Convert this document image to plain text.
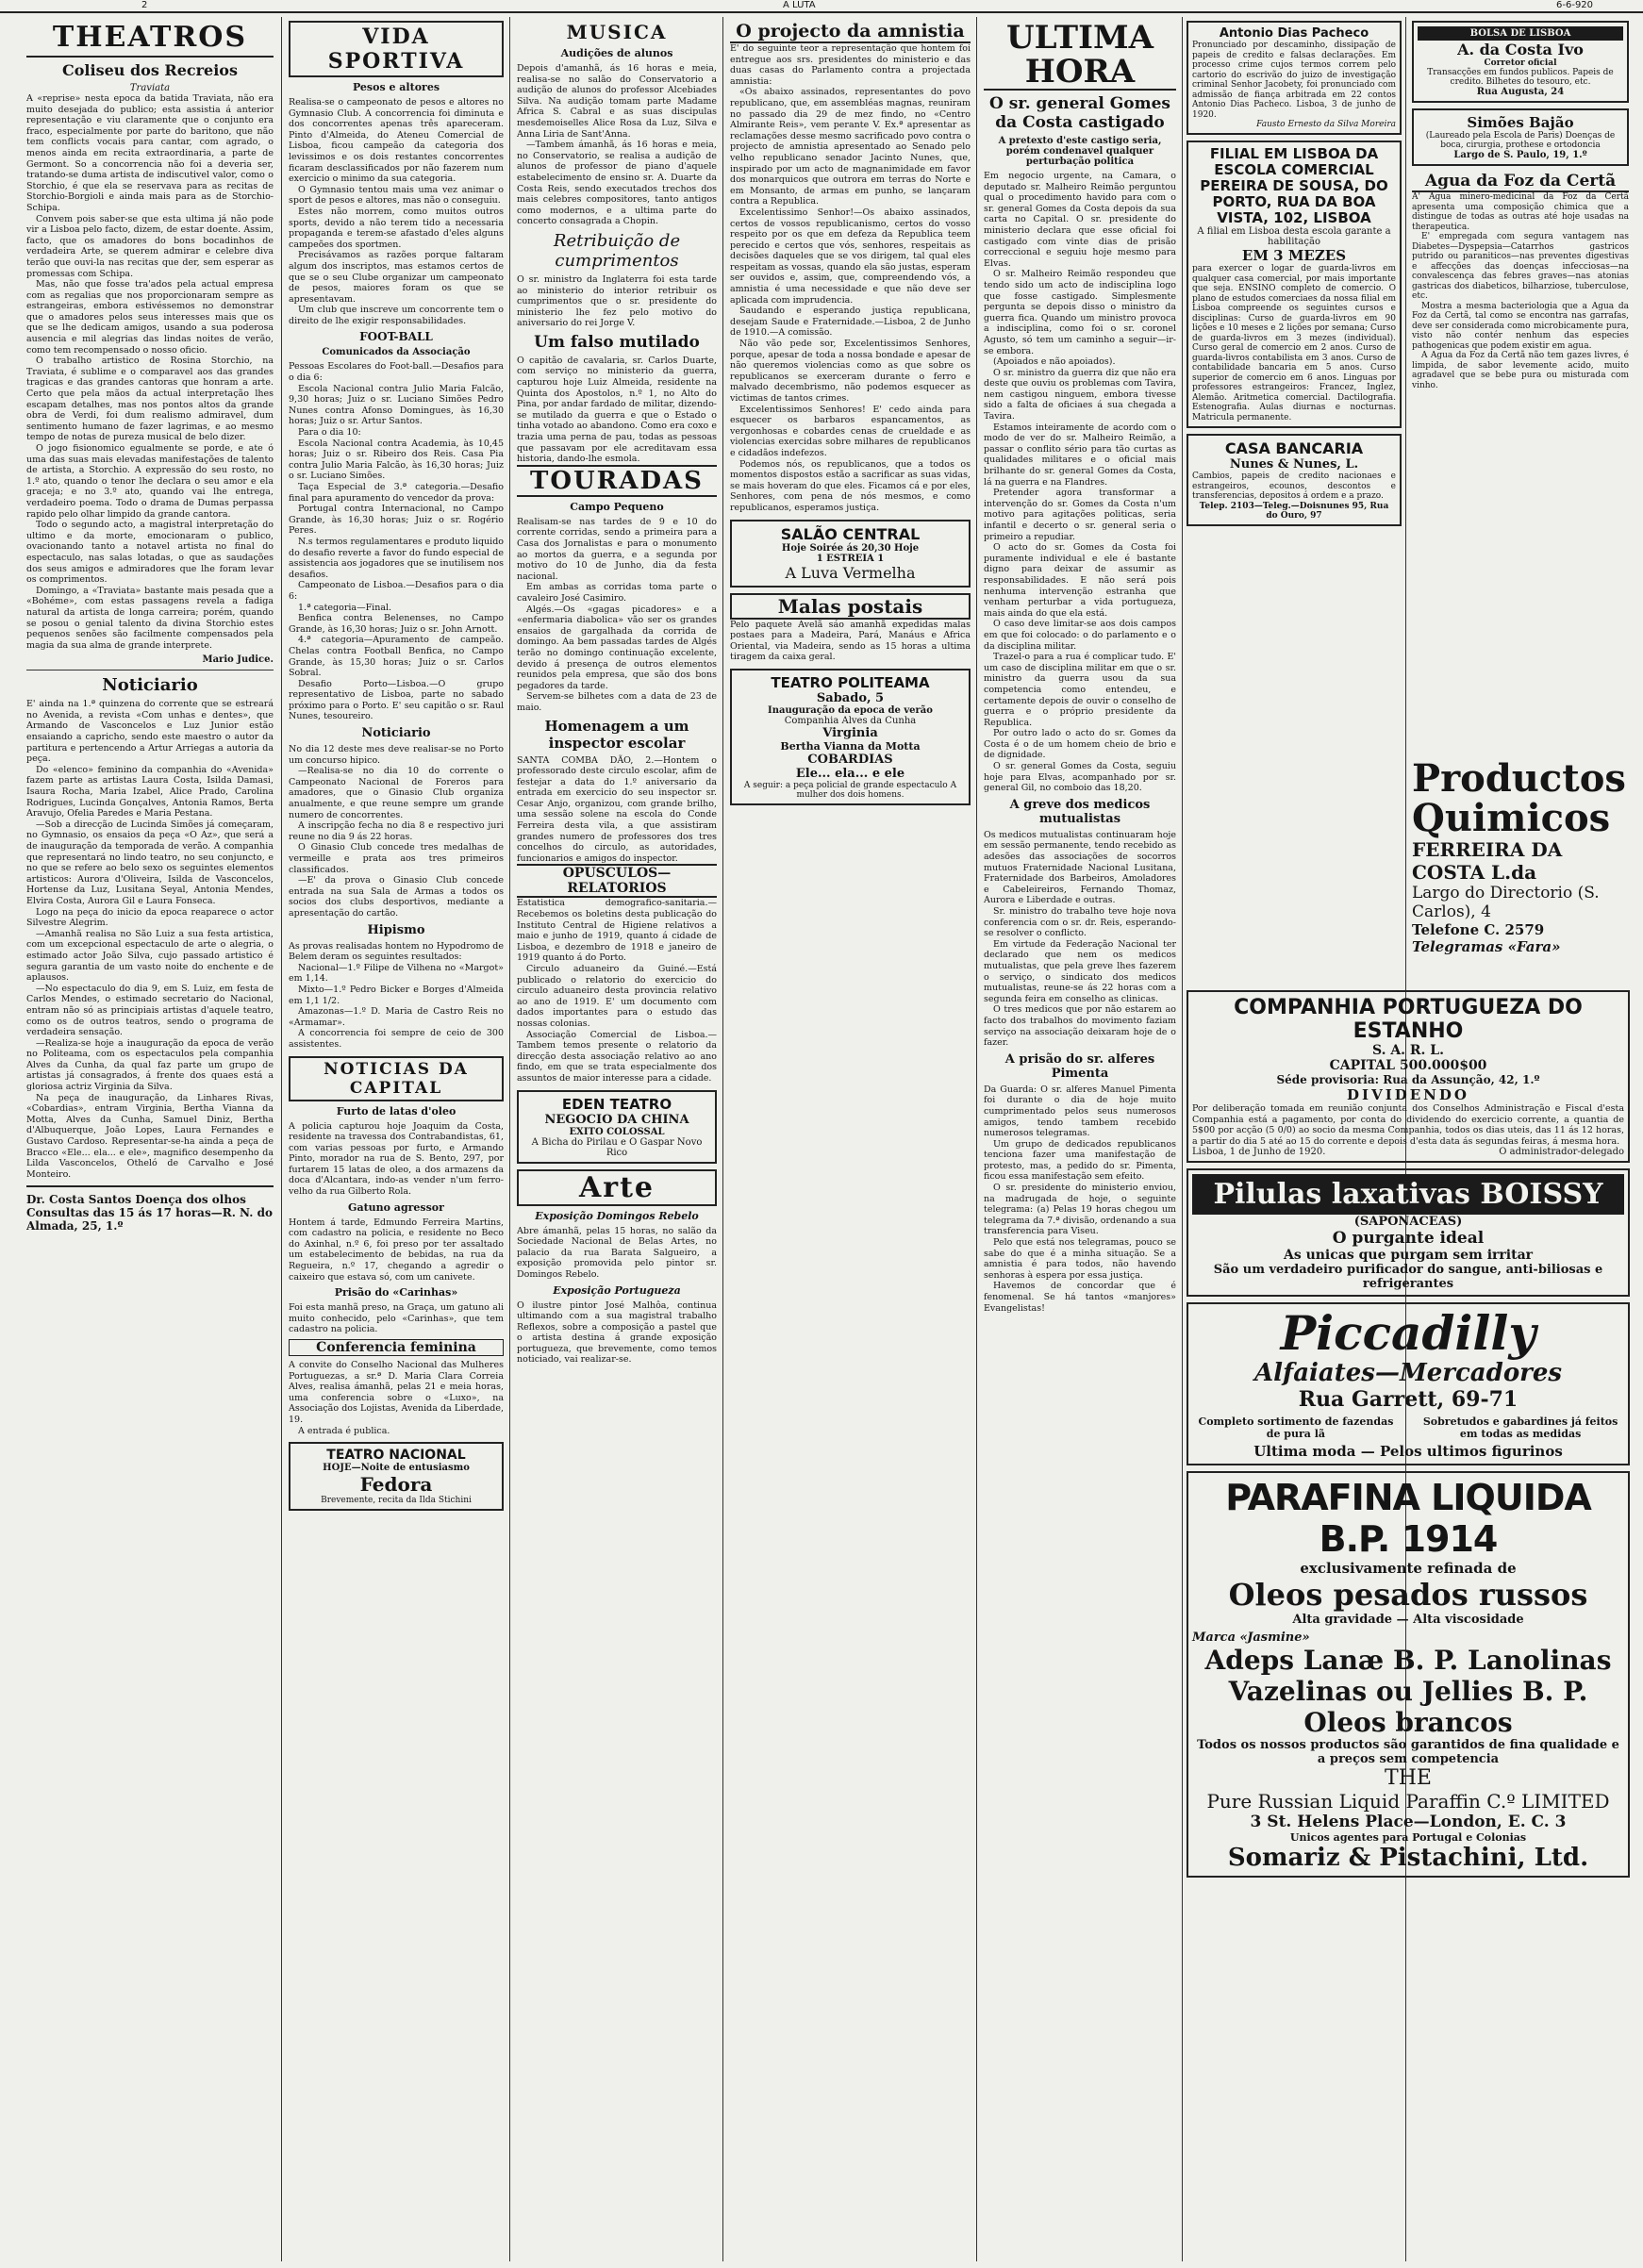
2	A LUTA	6-6-920
THEATROS
Coliseu dos Recreios
Traviata

A «reprise» nesta epoca da batida Traviata, não era muito desejada do publico; esta assistia á anterior representação e viu claramente que o conjunto era fraco, especialmente por parte do baritono, que não tem conflicts vocais para cantar, com agrado, o menos ainda em recita extraordinaria, a parte de Germont. So a concorrencia não foi a deveria ser, tratando-se duma artista de indiscutivel valor, como o Storchio, é que ela se reservava para as recitas de Storchio-Borgioli e ainda mais para as de Storchio-Schipa.

Convem pois saber-se que esta ultima já não pode vir a Lisboa pelo facto, dizem, de estar doente. Assim, facto, que os amadores do bons bocadinhos de verdadeira Arte, se querem admirar e celebre diva terão que ouvi-la nas recitas que der, sem esperar as promessas com Schipa.

Mas, não que fosse tra'ados pela actual empresa com as regalias que nos proporcionaram sempre as estrangeiras, embora estivéssemos no demonstrar que o amadores pelos seus interesses mais que os que se lhe dedicam amigos, usando a sua poderosa ausencia e mil alegrias das lindas noites de verão, como tem recompensado o nosso oficio.

O trabalho artistico de Rosina Storchio, na Traviata, é sublime e o comparavel aos das grandes tragicas e das grandes cantoras que honram a arte. Certo que pela mãos da actual interpretação lhes escapam detalhes, mas nos pontos altos da grande obra de Verdi, foi dum realismo admiravel, dum sentimento humano de fazer lagrimas, e ao mesmo tempo de notas de pureza musical de belo dizer.

O jogo fisionomico egualmente se porde, e ate ó uma das suas mais elevadas manifestações de talento de artista, a Storchio. A expressão do seu rosto, no 1.º ato, quando o tenor lhe declara o seu amor e ela graceja; e no 3.º ato, quando vai lhe entrega, verdadeiro poema. Todo o drama de Dumas perpassa rapido pelo olhar limpido da grande cantora.

Todo o segundo acto, a magistral interpretação do ultimo e da morte, emocionaram o publico, ovacionando tanto a notavel artista no final do espectaculo, nas salas lotadas, o que as saudações dos seus amigos e admiradores que lhe foram levar os comprimentos.

Domingo, a «Traviata» bastante mais pesada que a «Bohéme», com estas passagens revela a fadiga natural da artista de longa carreira; porém, quando se posou o genial talento da divina Storchio estes pequenos senões são facilmente compensados pela magia da sua alma de grande interprete.

Mario Judice.
Noticiario

E' ainda na 1.ª quinzena do corrente que se estreará no Avenida, a revista «Com unhas e dentes», que Armando de Vasconcelos e Luz Junior estão ensaiando a capricho, sendo este maestro o autor da partitura e pertencendo a Artur Arriegas a autoria da peça.

Do «elenco» feminino da companhia do «Avenida» fazem parte as artistas Laura Costa, Isilda Damasi, Isaura Rocha, Maria Izabel, Alice Prado, Carolina Rodrigues, Lucinda Gonçalves, Antonia Ramos, Berta Aravujo, Ofelia Paredes e Maria Pestana.

—Sob a direcção de Lucinda Simões já começaram, no Gymnasio, os ensaios da peça «O Az», que será a de inauguração da temporada de verão. A companhia que representará no lindo teatro, no seu conjuncto, e no que se refere ao belo sexo os seguintes elementos artisticos: Aurora d'Oliveira, Isilda de Vasconcelos, Hortense da Luz, Lusitana Seyal, Antonia Mendes, Elvira Costa, Aurora Gil e Laura Fonseca.

Logo na peça do inicio da epoca reaparece o actor Silvestre Alegrim.

—Amanhã realisa no São Luiz a sua festa artistica, com um excepcional espectaculo de arte o alegria, o estimado actor João Silva, cujo passado artistico é segura garantia de um vasto noite do enchente e de aplausos.

—No espectaculo do dia 9, em S. Luiz, em festa de Carlos Mendes, o estimado secretario do Nacional, entram não só as principiais artistas d'aquele teatro, como os de outros teatros, sendo o programa de verdadeira sensação.

—Realiza-se hoje a inauguração da epoca de verão no Politeama, com os espectaculos pela companhia Alves da Cunha, da qual faz parte um grupo de artistas já consagrados, á frente dos quaes está a gloriosa actriz Virginia da Silva.

Na peça de inauguração, da Linhares Rivas, «Cobardias», entram Virginia, Bertha Vianna da Motta, Alves da Cunha, Samuel Diniz, Bertha d'Albuquerque, João Lopes, Laura Fernandes e Gustavo Cardoso. Representar-se-ha ainda a peça de Bracco «Ele... ela... e ele», magnifico desempenho da Lilda Vasconcelos, Otheló de Carvalho e José Monteiro.

Dr. Costa Santos Doença dos olhos Consultas das 15 ás 17 horas—R. N. do Almada, 25, 1.º
VIDA SPORTIVA
Pesos e altores

Realisa-se o campeonato de pesos e altores no Gymnasio Club. A concorrencia foi diminuta e dos concorrentes apenas três apareceram. Pinto d'Almeida, do Ateneu Comercial de Lisboa, ficou campeão da categoria dos levissimos e os dois restantes concorrentes ficaram desclassificados por não fazerem num exercicio o minimo da sua categoria.

O Gymnasio tentou mais uma vez animar o sport de pesos e altores, mas não o conseguiu.

Estes não morrem, como muitos outros sports, devido a não terem tido a necessaria propaganda e terem-se afastado d'eles alguns campeões dos sportmen.

Precisávamos as razões porque faltaram algum dos inscriptos, mas estamos certos de que se o seu Clube organizar um campeonato de pesos, maiores foram os que se apresentavam.

Um club que inscreve um concorrente tem o direito de lhe exigir responsabilidades.

FOOT-BALL
Comunicados da Associação

Pessoas Escolares do Foot-ball.—Desafios para o dia 6:

Escola Nacional contra Julio Maria Falcão, 9,30 horas; Juiz o sr. Luciano Simões Pedro Nunes contra Afonso Domingues, às 16,30 horas; Juiz o sr. Artur Santos.

Para o dia 10:

Escola Nacional contra Academia, às 10,45 horas; Juiz o sr. Ribeiro dos Reis. Casa Pia contra Julio Maria Falcão, às 16,30 horas; Juiz o sr. Luciano Simões.

Taça Especial de 3.ª categoria.—Desafio final para apuramento do vencedor da prova:

Portugal contra Internacional, no Campo Grande, às 16,30 horas; Juiz o sr. Rogério Peres.

N.s termos regulamentares e produto liquido do desafio reverte a favor do fundo especial de assistencia aos jogadores que se inutilisem nos desafios.

Campeonato de Lisboa.—Desafios para o dia 6:

1.ª categoria—Final.

Benfica contra Belenenses, no Campo Grande, às 16,30 horas; Juiz o sr. John Arnott.

4.ª categoria—Apuramento de campeão. Chelas contra Football Benfica, no Campo Grande, às 15,30 horas; Juiz o sr. Carlos Sobral.

Desafio Porto—Lisboa.—O grupo representativo de Lisboa, parte no sabado próximo para o Porto. E' seu capitão o sr. Raul Nunes, tesoureiro.

Noticiario

No dia 12 deste mes deve realisar-se no Porto um concurso hipico.

—Realisa-se no dia 10 do corrente o Campeonato Nacional de Foreros para amadores, que o Ginasio Club organiza anualmente, e que reune sempre um grande numero de concorrentes.

A inscripção fecha no dia 8 e respectivo juri reune no dia 9 ás 22 horas.

O Ginasio Club concede tres medalhas de vermeille e prata aos tres primeiros classificados.

—E' da prova o Ginasio Club concede entrada na sua Sala de Armas a todos os socios dos clubs desportivos, mediante a apresentação do cartão.

Hipismo

As provas realisadas hontem no Hypodromo de Belem deram os seguintes resultados:

Nacional—1.º Filipe de Vilhena no «Margot» em 1,14.

Mixto—1.º Pedro Bicker e Borges d'Almeida em 1,1 1/2.

Amazonas—1.º D. Maria de Castro Reis no «Armamar».

A concorrencia foi sempre de ceio de 300 assistentes.

NOTICIAS DA CAPITAL
Furto de latas d'oleo

A policia capturou hoje Joaquim da Costa, residente na travessa dos Contrabandistas, 61, com varias pessoas por furto, e Armando Pinto, morador na rua de S. Bento, 297, por furtarem 15 latas de oleo, a dos armazens da doca d'Alcantara, indo-as vender n'um ferro-velho da rua Gilberto Rola.

Gatuno agressor

Hontem á tarde, Edmundo Ferreira Martins, com cadastro na policia, e residente no Beco do Axinhal, n.º 6, foi preso por ter assaltado um estabelecimento de bebidas, na rua da Regueira, n.º 17, chegando a agredir o caixeiro que estava só, com um canivete.

Prisão do «Carinhas»

Foi esta manhã preso, na Graça, um gatuno ali muito conhecido, pelo «Carinhas», que tem cadastro na policia.

Conferencia feminina

A convite do Conselho Nacional das Mulheres Portuguezas, a sr.ª D. Maria Clara Correia Alves, realisa ámanhã, pelas 21 e meia horas, uma conferencia sobre o «Luxo», na Associação dos Lojistas, Avenida da Liberdade, 19.

A entrada é publica.

TEATRO NACIONAL
HOJE—Noite de entusiasmo
Fedora
Brevemente, recita da Ilda Stichini
MUSICA
Audições de alunos

Depois d'amanhã, ás 16 horas e meia, realisa-se no salão do Conservatorio a audição de alunos do professor Alcebiades Silva. Na audição tomam parte Madame Africa S. Cabral e as suas discipulas mesdemoiselles Alice Rosa da Luz, Silva e Anna Liria de Sant'Anna.

—Tambem ámanhã, ás 16 horas e meia, no Conservatorio, se realisa a audição de alunos de professor de piano d'aquele estabelecimento de ensino sr. A. Duarte da Costa Reis, sendo executados trechos dos mais celebres compositores, tanto antigos como modernos, e a ultima parte do concerto consagrada a Chopin.

Retribuição de cumprimentos

O sr. ministro da Inglaterra foi esta tarde ao ministerio do interior retribuir os cumprimentos que o sr. presidente do ministerio lhe fez pelo motivo do aniversario do rei Jorge V.

Um falso mutilado

O capitão de cavalaria, sr. Carlos Duarte, com serviço no ministerio da guerra, capturou hoje Luiz Almeida, residente na Quinta dos Apostolos, n.º 1, no Alto do Pina, por andar fardado de militar, dizendo-se mutilado da guerra e que o Estado o tinha votado ao abandono. Como era coxo e trazia uma perna de pau, todas as pessoas que passavam por ele acreditavam essa historia, dando-lhe esmola.

TOURADAS
Campo Pequeno

Realisam-se nas tardes de 9 e 10 do corrente corridas, sendo a primeira para a Casa dos Jornalistas e para o monumento ao mortos da guerra, e a segunda por motivo do 10 de Junho, dia da festa nacional.

Em ambas as corridas toma parte o cavaleiro José Casimiro.

Algés.—Os «gagas picadores» e a «enfermaria diabolica» vão ser os grandes ensaios de gargalhada da corrida de domingo. Aa bem passadas tardes de Algés terão no domingo continuação excelente, devido á presença de outros elementos reunidos pela empresa, que são dos bons pegadores da tarde.

Servem-se bilhetes com a data de 23 de maio.

Homenagem a um inspector escolar

SANTA COMBA DÃO, 2.—Hontem o professorado deste circulo escolar, afim de festejar a data do 1.º aniversario da entrada em exercicio do seu inspector sr. Cesar Anjo, organizou, com grande brilho, uma sessão solene na escola do Conde Ferreira desta vila, a que assistiram grandes numero de professores dos tres concelhos do circulo, as autoridades, funcionarios e amigos do inspector.

OPUSCULOS—RELATORIOS

Estatistica demografico-sanitaria.—Recebemos os boletins desta publicação do Instituto Central de Higiene relativos a maio e junho de 1919, quanto á cidade de Lisboa, e dezembro de 1918 e janeiro de 1919 quanto á do Porto.

Circulo aduaneiro da Guiné.—Está publicado o relatorio do exercicio do circulo aduaneiro desta provincia relativo ao ano de 1919. E' um documento com dados importantes para o estudo das nossas colonias.

Associação Comercial de Lisboa.—Tambem temos presente o relatorio da direcção desta associação relativo ao ano findo, em que se trata especialmente dos assuntos de maior interesse para a cidade.

EDEN TEATRO
NEGOCIO DA CHINA
EXITO COLOSSAL
A Bicha do Pirilau e O Gaspar Novo Rico
Arte
Exposição Domingos Rebelo

Abre ámanhã, pelas 15 horas, no salão da Sociedade Nacional de Belas Artes, no palacio da rua Barata Salgueiro, a exposição promovida pelo pintor sr. Domingos Rebelo.

Exposição Portugueza

O ilustre pintor José Malhôa, continua ultimando com a sua magistral trabalho Reflexos, sobre a composição a pastel que o artista destina á grande exposição portugueza, que brevemente, como temos noticiado, vai realizar-se.

O projecto da amnistia

E' do seguinte teor a representação que hontem foi entregue aos srs. presidentes do ministerio e das duas casas do Parlamento contra a projectada amnistia:

«Os abaixo assinados, representantes do povo republicano, que, em assembléas magnas, reuniram no passado dia 29 de mez findo, no «Centro Almirante Reis», vem perante V. Ex.ª apresentar as reclamações desse mesmo sacrificado povo contra o projecto de amnistia apresentado ao Senado pelo velho republicano senador Jacinto Nunes, que, inspirado por um acto de magnanimidade em favor dos monarquicos que outrora em terras do Norte e em Monsanto, de armas em punho, se lançaram contra a Republica.

Excelentissimo Senhor!—Os abaixo assinados, certos de vossos republicanismo, certos do vosso respeito por os que em defeza da Republica teem perecido e certos que vós, senhores, respeitais as decisões daqueles que se vos dirigem, tal qual eles respeitam as vossas, quando ela são justas, esperam ser ouvidos e, assim, que, compreendendo vós, a amnistia é uma necessidade e que não deve ser aplicada com imprudencia.

Saudando e esperando justiça republicana, desejam Saude e Fraternidade.—Lisboa, 2 de Junho de 1910.—A comissão.

Não vão pede sor, Excelentissimos Senhores, porque, apesar de toda a nossa bondade e apesar de não queremos violencias como as que sobre os republicanos se exerceram durante o ferro e malvado decembrismo, não podemos esquecer as victimas de tantos crimes.

Excelentissimos Senhores! E' cedo ainda para esquecer os barbaros espancamentos, as vergonhosas e cobardes cenas de crueldade e as violencias exercidas sobre milhares de republicanos e cidadãos indefezos.

Podemos nós, os republicanos, que a todos os momentos dispostos estão a sacrificar as suas vidas, se mais hoveram do que eles. Ficamos cá e por eles, Senhores, com pena de nós mesmos, e como republicanos, esperamos justiça.

SALÃO CENTRAL
Hoje Soirée ás 20,30 Hoje
1 ESTREIA 1
A Luva Vermelha
Malas postais

Pelo paquete Avelã sáo amanhã expedidas malas postaes para a Madeira, Pará, Manáus e Africa Oriental, via Madeira, sendo as 15 horas a ultima tiragem da caixa geral.

TEATRO POLITEAMA
Sabado, 5
Inauguração da epoca de verão
Companhia Alves da Cunha
Virginia
Bertha Vianna da Motta
COBARDIAS
Ele... ela... e ele
A seguir: a peça policial de grande espectaculo A mulher dos dois homens.
ULTIMA HORA
O sr. general Gomes da Costa castigado
A pretexto d'este castigo seria, porém condenavel qualquer perturbação politica

Em negocio urgente, na Camara, o deputado sr. Malheiro Reimão perguntou qual o procedimento havido para com o sr. general Gomes da Costa depois da sua carta no Capital. O sr. presidente do ministerio declara que esse oficial foi castigado com vinte dias de prisão correccional e seguiu hoje mesmo para Elvas.

O sr. Malheiro Reimão respondeu que tendo sido um acto de indisciplina logo que fosse castigado. Simplesmente pergunta se depois disso o ministro da guerra fica. Quando um ministro provoca a indisciplina, como foi o sr. coronel Agusto, só tem um caminho a seguir—ir-se embora.

(Apoiados e não apoiados).

O sr. ministro da guerra diz que não era deste que ouviu os problemas com Tavira, nem castigou ninguem, embora tivesse sido a falta de oficiaes á sua chegada a Tavira.

Estamos inteiramente de acordo com o modo de ver do sr. Malheiro Reimão, a passar o conflito sério para tão curtas as qualidades militares e o oficial mais brilhante do sr. general Gomes da Costa, lá na guerra e na Flandres.

Pretender agora transformar a intervenção do sr. Gomes da Costa n'um motivo para agitações politicas, seria infantil e decerto o sr. general seria o primeiro a repudiar.

O acto do sr. Gomes da Costa foi puramente individual e ele é bastante digno para deixar de assumir as responsabilidades. E não será pois nenhuma intervenção estranha que venham perturbar a vida portugueza, mais ainda do que ela está.

O caso deve limitar-se aos dois campos em que foi colocado: o do parlamento e o da disciplina militar.

Trazel-o para a rua é complicar tudo. E' um caso de disciplina militar em que o sr. ministro da guerra usou da sua competencia como entendeu, e certamente depois de ouvir o conselho de guerra e o próprio presidente da Republica.

Por outro lado o acto do sr. Gomes da Costa é o de um homem cheio de brio e de dignidade.

O sr. general Gomes da Costa, seguiu hoje para Elvas, acompanhado por sr. general Gil, no comboio das 18,20.

A greve dos medicos mutualistas

Os medicos mutualistas continuaram hoje em sessão permanente, tendo recebido as adesões das associações de socorros mutuos Fraternidade Nacional Lusitana, Fraternidade dos Barbeiros, Amoladores e Cabeleireiros, Fernando Thomaz, Aurora e Liberdade e outras.

Sr. ministro do trabalho teve hoje nova conferencia com o sr. dr. Reis, esperando-se resolver o conflicto.

Em virtude da Federação Nacional ter declarado que nem os medicos mutualistas, que pela greve lhes fazerem o serviço, o sindicato dos medicos mutualistas, reune-se ás 22 horas com a segunda feira em conselho as clinicas.

O tres medicos que por não estarem ao facto dos trabalhos do movimento faziam serviço na associação deixaram hoje de o fazer.

A prisão do sr. alferes Pimenta

Da Guarda: O sr. alferes Manuel Pimenta foi durante o dia de hoje muito cumprimentado pelos seus numerosos amigos, tendo tambem recebido numerosos telegramas.

Um grupo de dedicados republicanos tenciona fazer uma manifestação de protesto, mas, a pedido do sr. Pimenta, ficou essa manifestação sem efeito.

O sr. presidente do ministerio enviou, na madrugada de hoje, o seguinte telegrama: (a) Pelas 19 horas chegou um telegrama da 7.ª divisão, ordenando a sua transferencia para Viseu.

Pelo que está nos telegramas, pouco se sabe do que é a minha situação. Se a amnistia é para todos, não havendo senhoras à espera por essa justiça.

Havemos de concordar que é fenomenal. Se há tantos «manjores» Evangelistas!

Antonio Dias Pacheco

Pronunciado por descaminho, dissipação de papeis de credito e falsas declarações. Em processo crime cujos termos correm pelo cartorio do escrivão do juizo de investigação criminal Senhor Jacobety, foi pronunciado com admissão de fiança arbitrada em 22 contos Antonio Dias Pacheco. Lisboa, 3 de junho de 1920.

Fausto Ernesto da Silva Moreira
FILIAL EM LISBOA DA ESCOLA COMERCIAL PEREIRA DE SOUSA, DO PORTO, RUA DA BOA VISTA, 102, LISBOA
A filial em Lisboa desta escola garante a habilitação
EM 3 MEZES

para exercer o logar de guarda-livros em qualquer casa comercial, por mais importante que seja. ENSINO completo de comercio. O plano de estudos comerciaes da nossa filial em Lisboa compreende os seguintes cursos e disciplinas: Curso de guarda-livros em 90 lições e 10 meses e 2 lições por semana; Curso de guarda-livros em 3 mezes (individual). Curso geral de comercio em 2 anos. Curso de guarda-livros contabilista em 3 anos. Curso de contabilidade bancaria em 5 anos. Curso superior de comercio em 6 anos. Linguas por professores estrangeiros: Francez, Inglez, Alemão. Aritmetica comercial. Dactilografia. Estenografia. Aulas diurnas e nocturnas. Matricula permanente.

CASA BANCARIA
Nunes & Nunes, L.

Cambios, papeis de credito nacionaes e estrangeiros, ecounos, descontos e transferencias, depositos á ordem e a prazo.

Telep. 2103—Teleg.—Doisnunes 95, Rua do Ouro, 97
BOLSA DE LISBOA
A. da Costa Ivo
Corretor oficial
Transacções em fundos publicos. Papeis de credito. Bilhetes do tesouro, etc.
Rua Augusta, 24
Simões Bajão
(Laureado pela Escola de Paris) Doenças de boca, cirurgia, prothese e ortodoncia
Largo de S. Paulo, 19, 1.º
Agua da Foz da Certã

A' Agua minero-medicinal da Foz da Certã apresenta uma composição chimica que a distingue de todas as outras até hoje usadas na therapeutica.

E' empregada com segura vantagem nas Diabetes—Dyspepsia—Catarrhos gastricos putrido ou paraniticos—nas preventes digestivas e affecções das doenças infecciosas—na convalescença das febres graves—nas atonias gastricas dos diabeticos, bilharziose, tuberculose, etc.

Mostra a mesma bacteriologia que a Agua da Foz da Certã, tal como se encontra nas garrafas, deve ser considerada como microbicamente pura, visto não contér nenhum das especies pathogenicas que podem existir em agua.

A Agua da Foz da Certã não tem gazes livres, é limpida, de sabor levemente acido, muito agradavel que se bebe pura ou misturada com vinho.

Productos Quimicos
FERREIRA DA COSTA L.da
Largo do Directorio (S. Carlos), 4
Telefone C. 2579
Telegramas «Fara»
COMPANHIA PORTUGUEZA DO ESTANHO
S. A. R. L.
CAPITAL 500.000$00
Séde provisoria: Rua da Assunção, 42, 1.º
DIVIDENDO

Por deliberação tomada em reunião conjunta dos Conselhos Administração e Fiscal d'esta Companhia está a pagamento, por conta do dividendo do exercicio corrente, a quantia de 5$00 por acção (5 0/0) ao socio da mesma Companhia, todos os dias uteis, das 11 ás 12 horas, a partir do dia 5 até ao 15 do corrente e depois d'esta data ás segundas feiras, á mesma hora.

Lisboa, 1 de Junho de 1920.	O administrador-delegado
Pilulas laxativas BOISSY
(SAPONACEAS)
O purgante ideal
As unicas que purgam sem irritar
São um verdadeiro purificador do sangue, anti-biliosas e refrigerantes
Piccadilly
Alfaiates—Mercadores
Rua Garrett, 69-71
Completo sortimento de fazendas de pura lã
Sobretudos e gabardines já feitos em todas as medidas
Ultima moda — Pelos ultimos figurinos
PARAFINA LIQUIDA B.P. 1914
exclusivamente refinada de
Oleos pesados russos
Alta gravidade — Alta viscosidade
Marca «Jasmine»
Adeps Lanæ B. P. Lanolinas
Vazelinas ou Jellies B. P.
Oleos brancos
Todos os nossos productos são garantidos de fina qualidade e a preços sem competencia
THE
Pure Russian Liquid Paraffin C.º LIMITED
3 St. Helens Place—London, E. C. 3
Unicos agentes para Portugal e Colonias
Somariz & Pistachini, Ltd.
